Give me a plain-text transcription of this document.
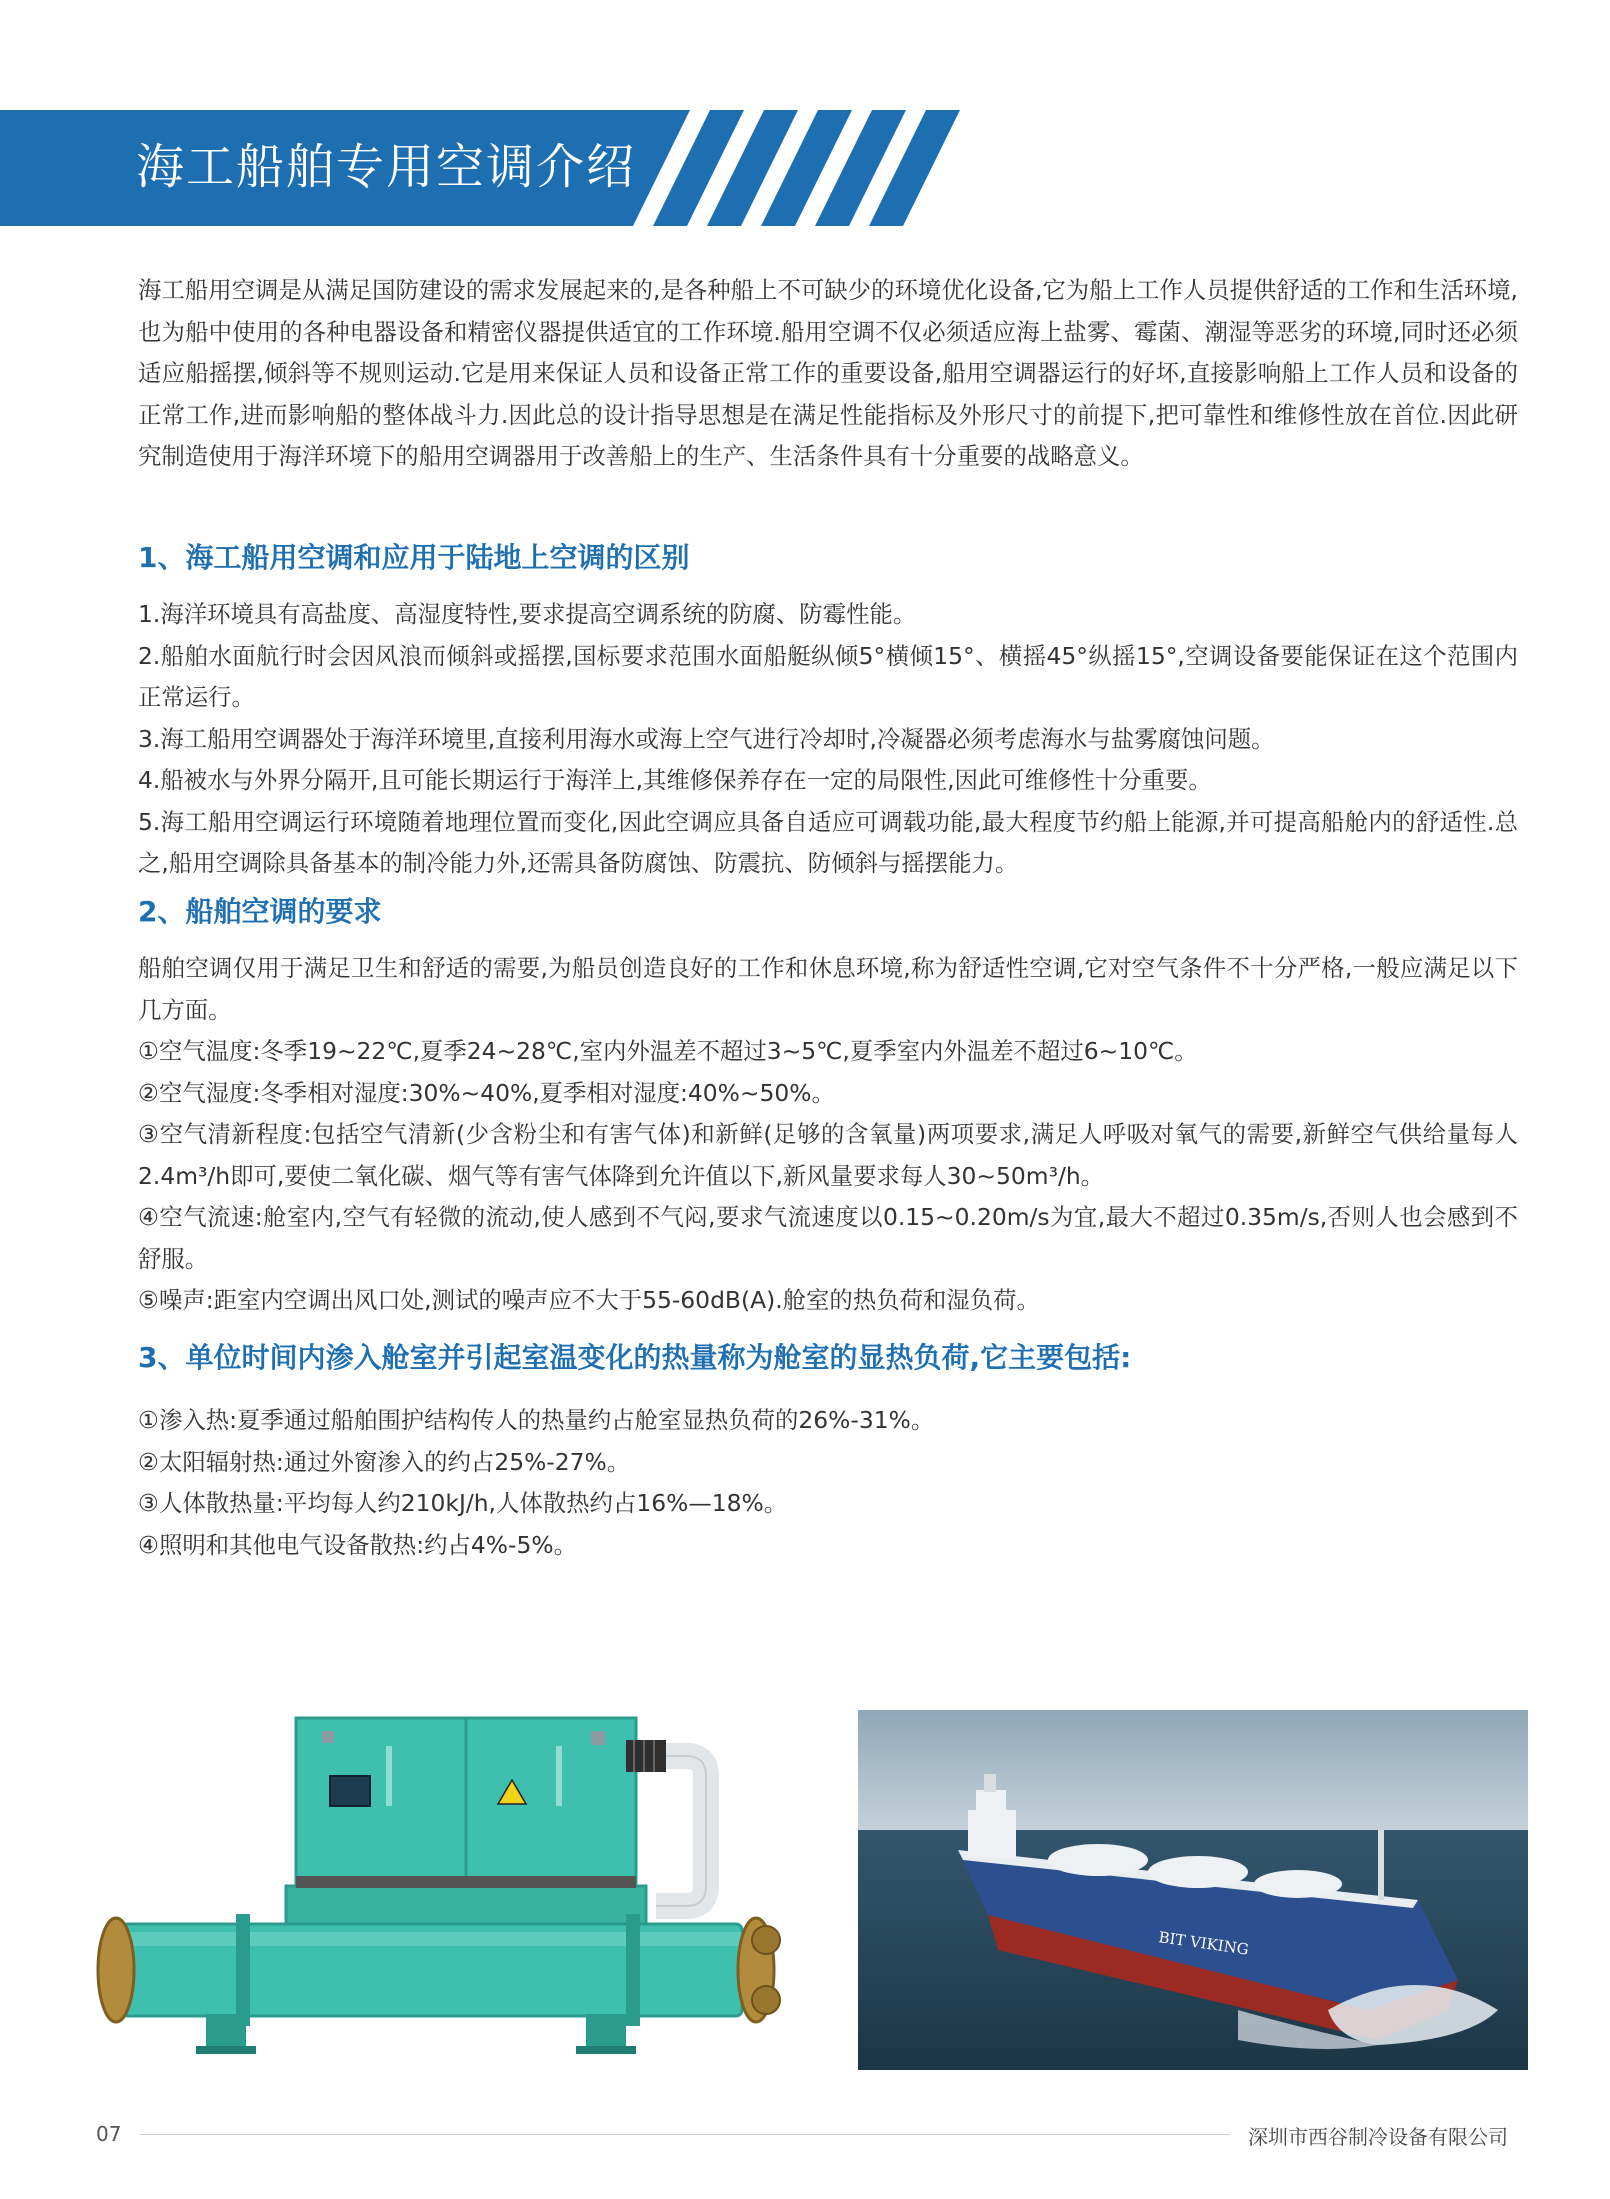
海工船舶专用空调介绍

海工船用空调是从满足国防建设的需求发展起来的,是各种船上不可缺少的环境优化设备,它为船上工作人员提供舒适的工作和生活环境,也为船中使用的各种电器设备和精密仪器提供适宜的工作环境.船用空调不仅必须适应海上盐雾、霉菌、潮湿等恶劣的环境,同时还必须适应船摇摆,倾斜等不规则运动.它是用来保证人员和设备正常工作的重要设备,船用空调器运行的好坏,直接影响船上工作人员和设备的正常工作,进而影响船的整体战斗力.因此总的设计指导思想是在满足性能指标及外形尺寸的前提下,把可靠性和维修性放在首位.因此研究制造使用于海洋环境下的船用空调器用于改善船上的生产、生活条件具有十分重要的战略意义。

1、海工船用空调和应用于陆地上空调的区别
1.海洋环境具有高盐度、高湿度特性,要求提高空调系统的防腐、防霉性能。
2.船舶水面航行时会因风浪而倾斜或摇摆,国标要求范围水面船艇纵倾5°横倾15°、横摇45°纵摇15°,空调设备要能保证在这个范围内正常运行。
3.海工船用空调器处于海洋环境里,直接利用海水或海上空气进行冷却时,冷凝器必须考虑海水与盐雾腐蚀问题。
4.船被水与外界分隔开,且可能长期运行于海洋上,其维修保养存在一定的局限性,因此可维修性十分重要。
5.海工船用空调运行环境随着地理位置而变化,因此空调应具备自适应可调载功能,最大程度节约船上能源,并可提高船舱内的舒适性.总之,船用空调除具备基本的制冷能力外,还需具备防腐蚀、防震抗、防倾斜与摇摆能力。
2、船舶空调的要求

船舶空调仅用于满足卫生和舒适的需要,为船员创造良好的工作和休息环境,称为舒适性空调,它对空气条件不十分严格,一般应满足以下几方面。

①空气温度:冬季19~22℃,夏季24~28℃,室内外温差不超过3~5℃,夏季室内外温差不超过6~10℃。
②空气湿度:冬季相对湿度:30%~40%,夏季相对湿度:40%~50%。
③空气清新程度:包括空气清新(少含粉尘和有害气体)和新鲜(足够的含氧量)两项要求,满足人呼吸对氧气的需要,新鲜空气供给量每人2.4m³/h即可,要使二氧化碳、烟气等有害气体降到允许值以下,新风量要求每人30~50m³/h。
④空气流速:舱室内,空气有轻微的流动,使人感到不气闷,要求气流速度以0.15~0.20m/s为宜,最大不超过0.35m/s,否则人也会感到不舒服。
⑤噪声:距室内空调出风口处,测试的噪声应不大于55-60dB(A).舱室的热负荷和湿负荷。
3、单位时间内渗入舱室并引起室温变化的热量称为舱室的显热负荷,它主要包括:
①渗入热:夏季通过船舶围护结构传人的热量约占舱室显热负荷的26%-31%。
②太阳辐射热:通过外窗渗入的约占25%-27%。
③人体散热量:平均每人约210kJ/h,人体散热约占16%—18%。
④照明和其他电气设备散热:约占4%-5%。
BIT VIKING
07	深圳市西谷制冷设备有限公司
